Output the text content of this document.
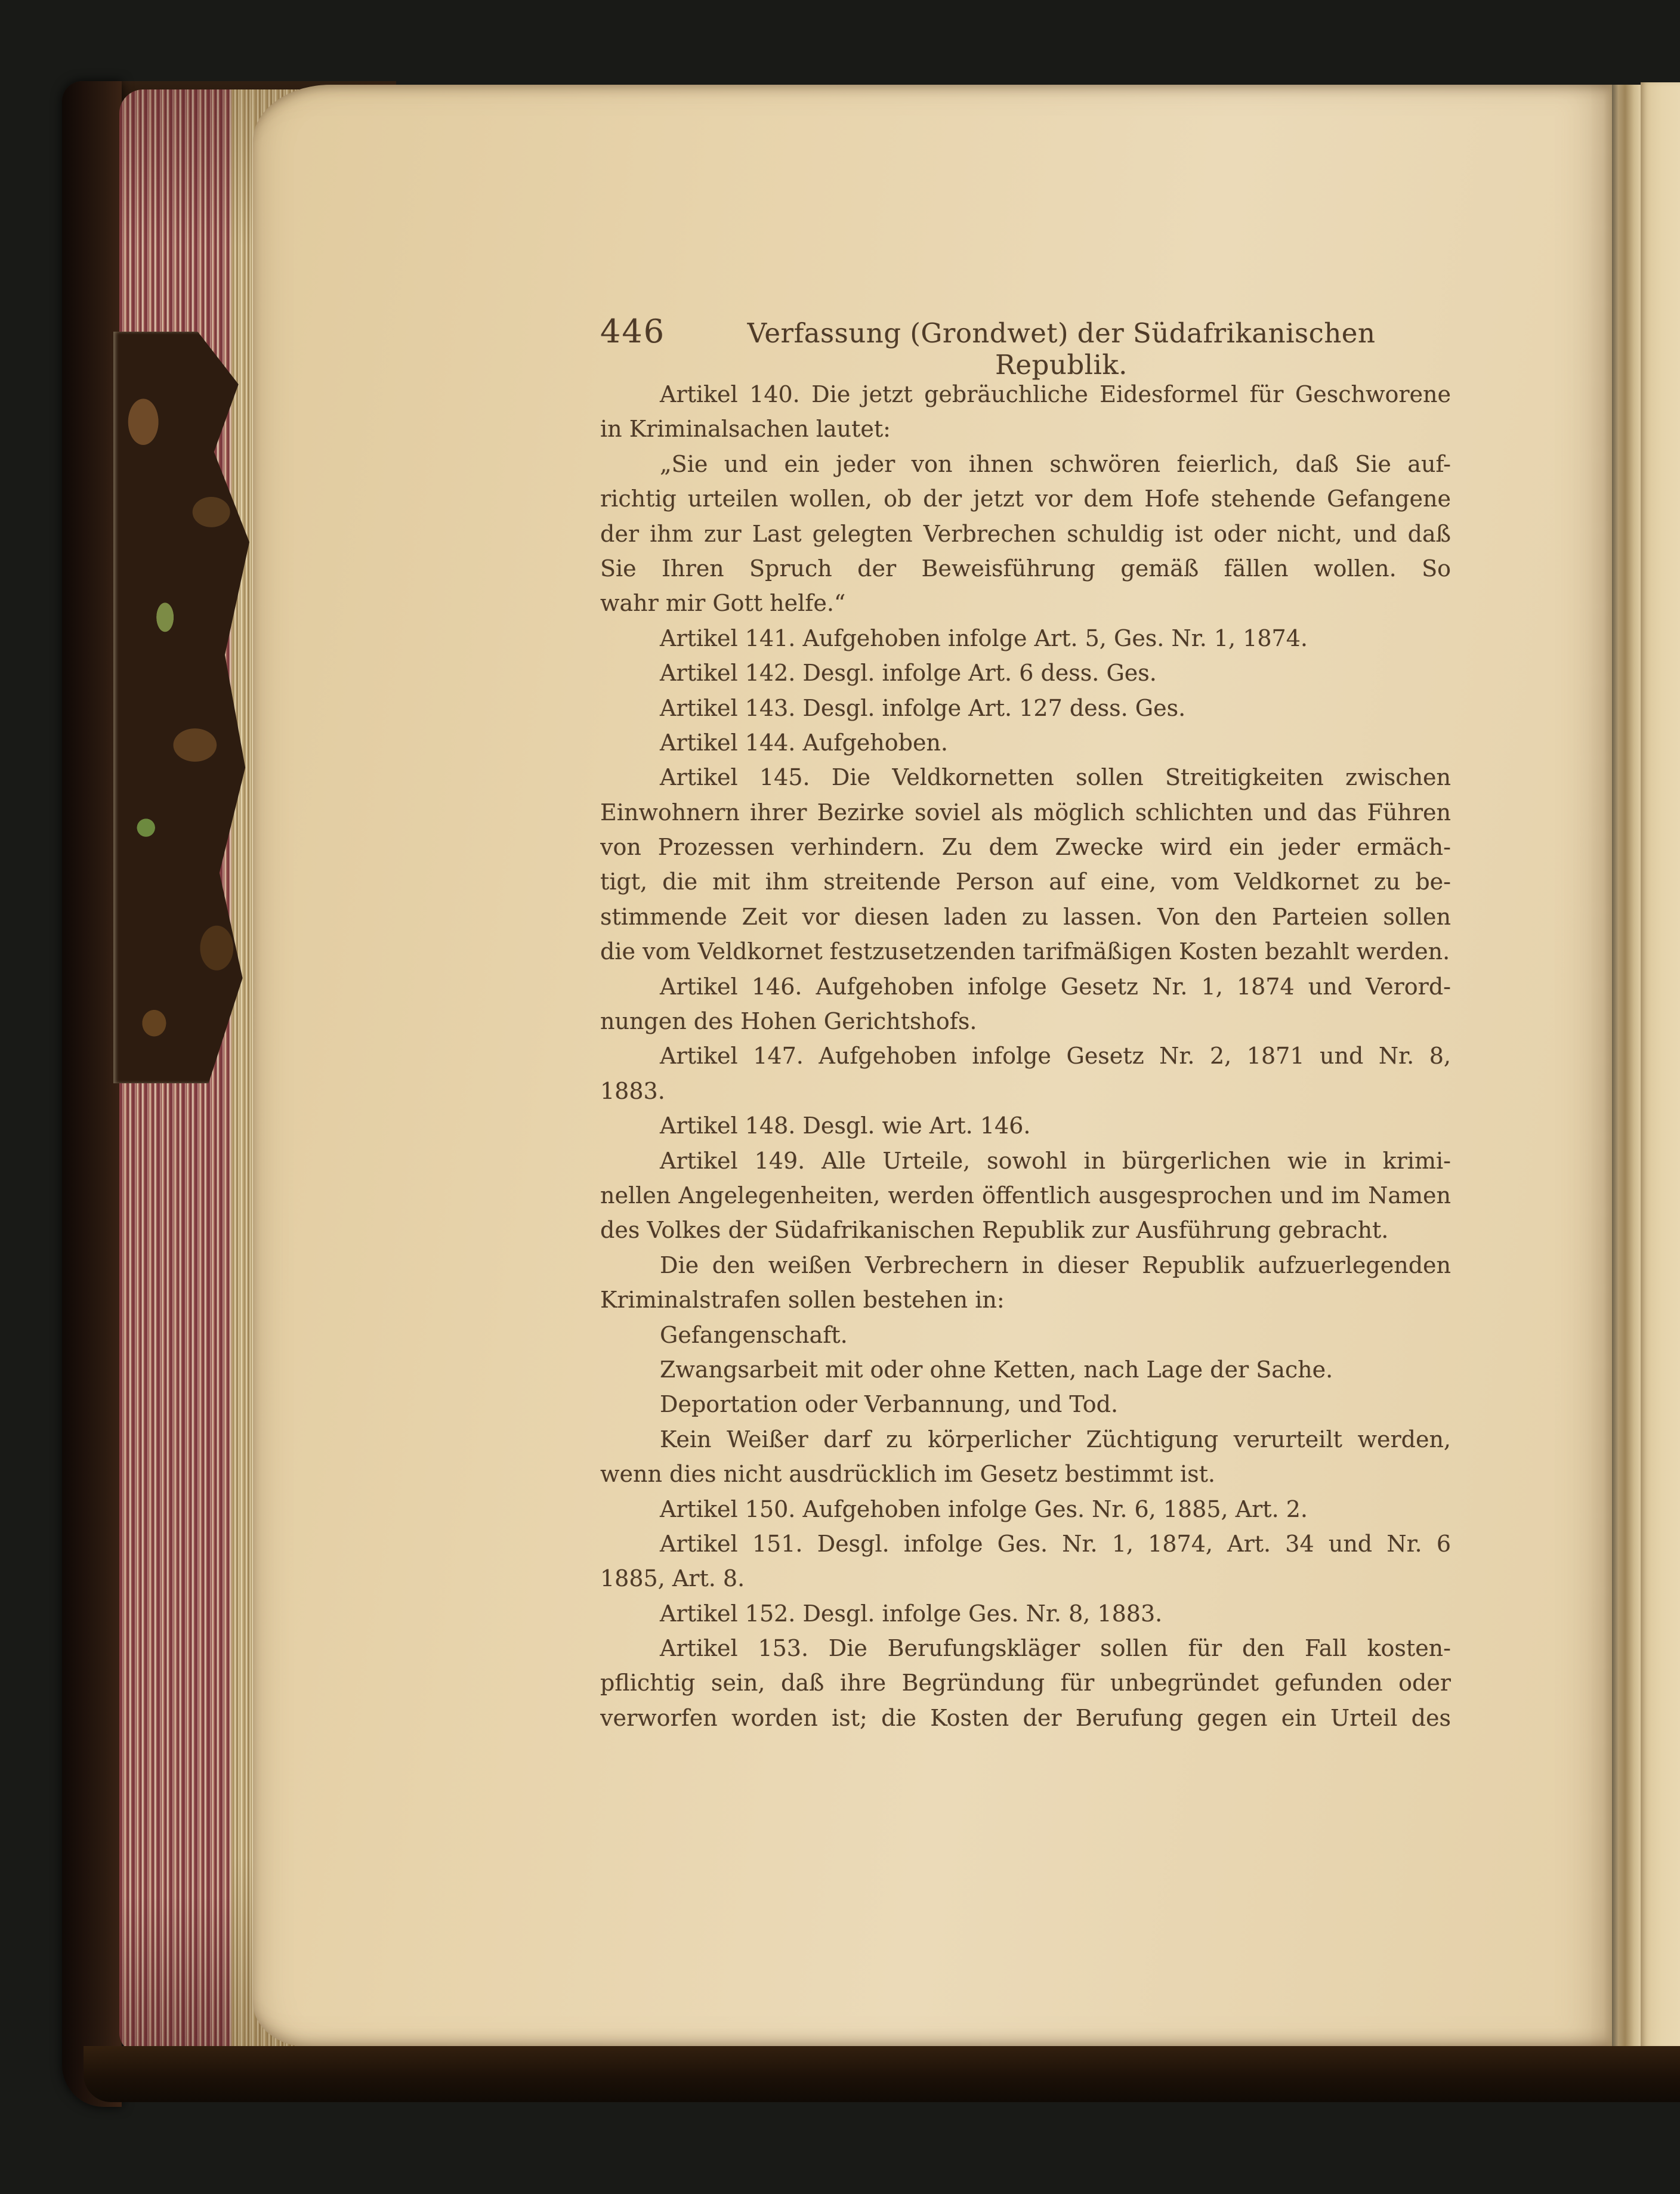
446	Verfassung (Grondwet) der Südafrikanischen Republik.
Artikel 140. Die jetzt gebräuchliche Eidesformel für Geschworene
in Kriminalsachen lautet:
„Sie und ein jeder von ihnen schwören feierlich, daß Sie auf-
richtig urteilen wollen, ob der jetzt vor dem Hofe stehende Gefangene
der ihm zur Last gelegten Verbrechen schuldig ist oder nicht, und daß
Sie Ihren Spruch der Beweisführung gemäß fällen wollen. So
wahr mir Gott helfe.“
Artikel 141. Aufgehoben infolge Art. 5, Ges. Nr. 1, 1874.
Artikel 142. Desgl. infolge Art. 6 dess. Ges.
Artikel 143. Desgl. infolge Art. 127 dess. Ges.
Artikel 144. Aufgehoben.
Artikel 145. Die Veldkornetten sollen Streitigkeiten zwischen
Einwohnern ihrer Bezirke soviel als möglich schlichten und das Führen
von Prozessen verhindern. Zu dem Zwecke wird ein jeder ermäch-
tigt, die mit ihm streitende Person auf eine, vom Veldkornet zu be-
stimmende Zeit vor diesen laden zu lassen. Von den Parteien sollen
die vom Veldkornet festzusetzenden tarifmäßigen Kosten bezahlt werden.
Artikel 146. Aufgehoben infolge Gesetz Nr. 1, 1874 und Verord-
nungen des Hohen Gerichtshofs.
Artikel 147. Aufgehoben infolge Gesetz Nr. 2, 1871 und Nr. 8,
1883.
Artikel 148. Desgl. wie Art. 146.
Artikel 149. Alle Urteile, sowohl in bürgerlichen wie in krimi-
nellen Angelegenheiten, werden öffentlich ausgesprochen und im Namen
des Volkes der Südafrikanischen Republik zur Ausführung gebracht.
Die den weißen Verbrechern in dieser Republik aufzuerlegenden
Kriminalstrafen sollen bestehen in:
Gefangenschaft.
Zwangsarbeit mit oder ohne Ketten, nach Lage der Sache.
Deportation oder Verbannung, und Tod.
Kein Weißer darf zu körperlicher Züchtigung verurteilt werden,
wenn dies nicht ausdrücklich im Gesetz bestimmt ist.
Artikel 150. Aufgehoben infolge Ges. Nr. 6, 1885, Art. 2.
Artikel 151. Desgl. infolge Ges. Nr. 1, 1874, Art. 34 und Nr. 6
1885, Art. 8.
Artikel 152. Desgl. infolge Ges. Nr. 8, 1883.
Artikel 153. Die Berufungskläger sollen für den Fall kosten-
pflichtig sein, daß ihre Begründung für unbegründet gefunden oder
verworfen worden ist; die Kosten der Berufung gegen ein Urteil des
